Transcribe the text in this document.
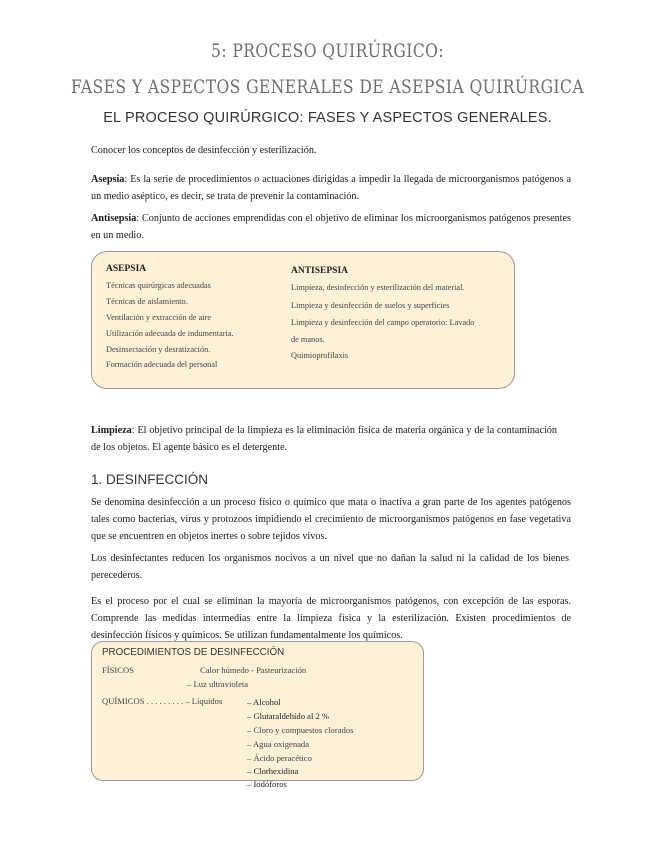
5: PROCESO QUIRÚRGICO:
FASES Y ASPECTOS GENERALES DE ASEPSIA QUIRÚRGICA
EL PROCESO QUIRÚRGICO: FASES Y ASPECTOS GENERALES.
Conocer los conceptos de desinfección y esterilización.
Asepsia: Es la serie de procedimientos o actuaciones dirigidas a impedir la llegada de microorganismos patógenos a un medio aséptico, es decir, se trata de prevenir la contaminación.
Antisepsia: Conjunto de acciones emprendidas con el objetivo de eliminar los microorganismos patógenos presentes en un medio.
ASEPSIA
Técnicas quirúrgicas adecuadas
Técnicas de aislamiento.
Ventilación y extracción de aire
Utilización adecuada de indumentaria.
Desinsectación y desratización.
Formación adecuada del personal
ANTISEPSIA
Limpieza, desinfección y esterilización del material.
Limpieza y desinfección de suelos y superficies
Limpieza y desinfección del campo operatorio: Lavado
de manos.
Quimioprofilaxis
Limpieza: El objetivo principal de la limpieza es la eliminación física de materia orgánica y de la contaminación de los objetos. El agente básico es el detergente.
1. DESINFECCIÓN
Se denomina desinfección a un proceso físico o químico que mata o inactiva a gran parte de los agentes patógenos tales como bacterias, virus y protozoos impidiendo el crecimiento de microorganismos patógenos en fase vegetativa que se encuentren en objetos inertes o sobre tejidos vivos.
Los desinfectantes reducen los organismos nocivos a un nivel que no dañan la salud ni la calidad de los bienes perecederos.
Es el proceso por el cual se eliminan la mayoría de microorganismos patógenos, con excepción de las esporas. Comprende las medidas intermedias entre la limpieza física y la esterilización. Existen procedimientos de desinfección físicos y químicos. Se utilizan fundamentalmente los químicos.
PROCEDIMIENTOS DE DESINFECCIÓN
FÍSICOS	Calor húmedo - Pasteurización
– Luz ultravioleta
QUÍMICOS . . . . . . . . . – Líquidos	– Alcohol
– Glutaraldehído al 2 %
– Cloro y compuestos clorados
– Agua oxigenada
– Ácido peracético
– Clorhexidina
– Iodóforos
